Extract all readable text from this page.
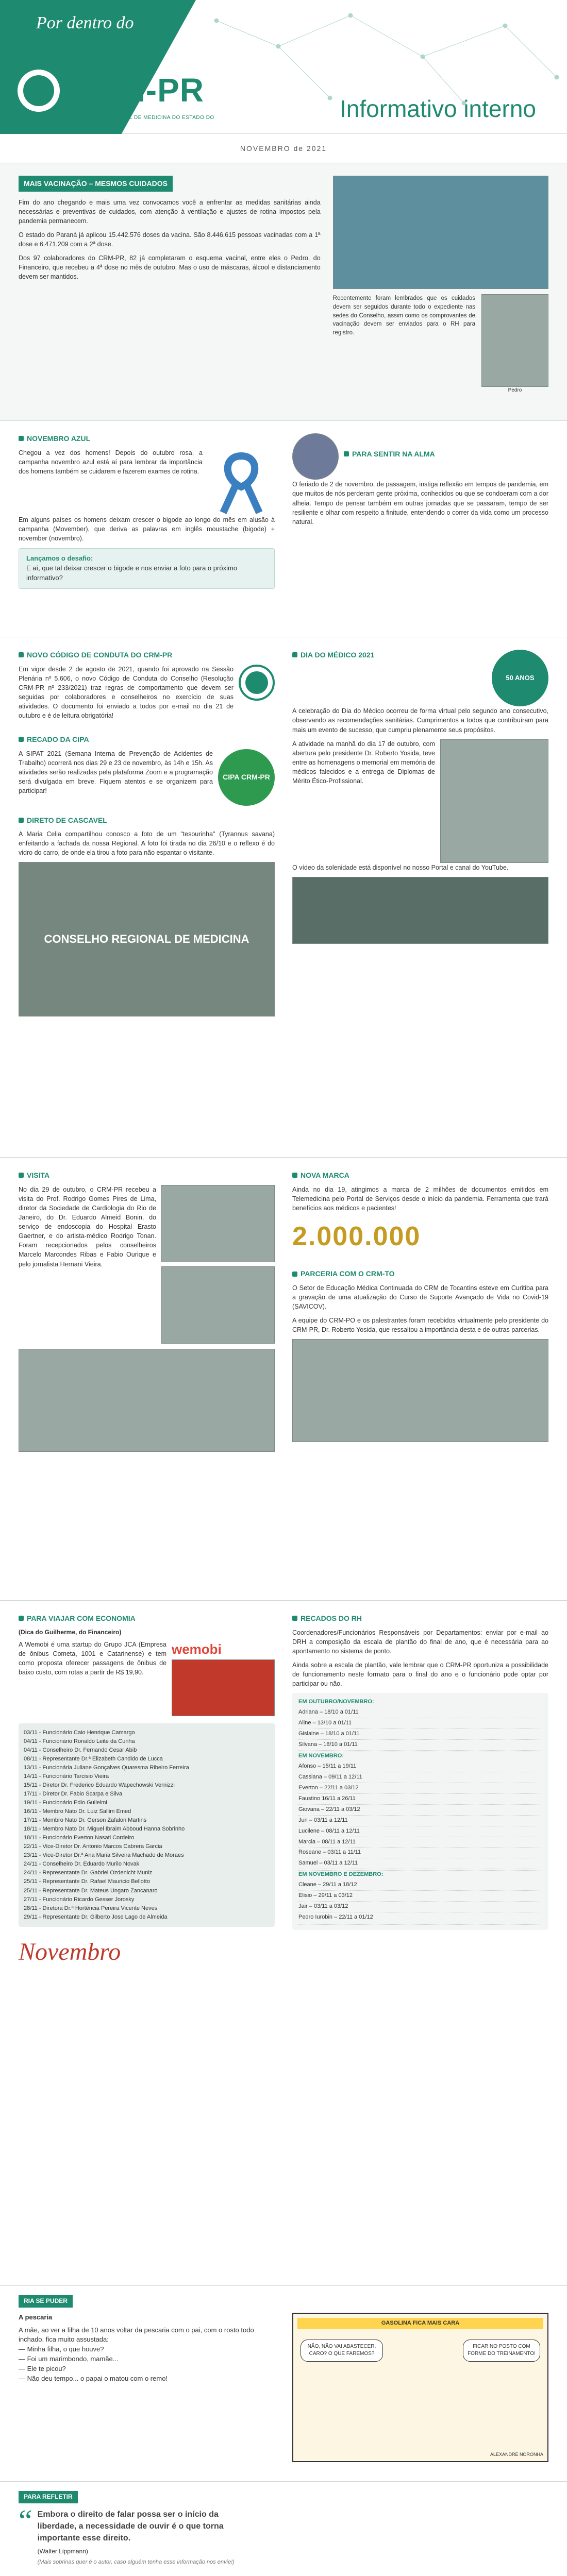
Por dentro do
CRM-PR
CONSELHO REGIONAL DE MEDICINA DO ESTADO DO PARANÁ
Informativo interno
NOVEMBRO de 2021
MAIS VACINAÇÃO – MESMOS CUIDADOS

Fim do ano chegando e mais uma vez convocamos você a enfrentar as medidas sanitárias ainda necessárias e preventivas de cuidados, com atenção à ventilação e ajustes de rotina impostos pela pandemia permanecem.

O estado do Paraná já aplicou 15.442.576 doses da vacina. São 8.446.615 pessoas vacinadas com a 1ª dose e 6.471.209 com a 2ª dose.

Dos 97 colaboradores do CRM-PR, 82 já completaram o esquema vacinal, entre eles o Pedro, do Financeiro, que recebeu a 4ª dose no mês de outubro. Mas o uso de máscaras, álcool e distanciamento devem ser mantidos.

Recentemente foram lembrados que os cuidados devem ser seguidos durante todo o expediente nas sedes do Conselho, assim como os comprovantes de vacinação devem ser enviados para o RH para registro.

Pedro
NOVEMBRO AZUL

Chegou a vez dos homens! Depois do outubro rosa, a campanha novembro azul está aí para lembrar da importância dos homens também se cuidarem e fazerem exames de rotina.

Em alguns países os homens deixam crescer o bigode ao longo do mês em alusão à campanha (Movember), que deriva as palavras em inglês moustache (bigode) + november (novembro).

Lançamos o desafio:
E aí, que tal deixar crescer o bigode e nos enviar a foto para o próximo informativo?
PARA SENTIR NA ALMA

O feriado de 2 de novembro, de passagem, instiga reflexão em tempos de pandemia, em que muitos de nós perderam gente próxima, conhecidos ou que se condoeram com a dor alheia. Tempo de pensar também em outras jornadas que se passaram, tempo de ser resiliente e olhar com respeito a finitude, entendendo o correr da vida como um processo natural.

NOVO CÓDIGO DE CONDUTA DO CRM-PR

Em vigor desde 2 de agosto de 2021, quando foi aprovado na Sessão Plenária nº 5.606, o novo Código de Conduta do Conselho (Resolução CRM-PR nº 233/2021) traz regras de comportamento que devem ser seguidas por colaboradores e conselheiros no exercício de suas atividades. O documento foi enviado a todos por e-mail no dia 21 de outubro e é de leitura obrigatória!

RECADO DA CIPA

A SIPAT 2021 (Semana Interna de Prevenção de Acidentes de Trabalho) ocorrerá nos dias 29 e 23 de novembro, às 14h e 15h. As atividades serão realizadas pela plataforma Zoom e a programação será divulgada em breve. Fiquem atentos e se organizem para participar!

CIPA CRM-PR
DIRETO DE CASCAVEL

A Maria Celia compartilhou conosco a foto de um "tesourinha" (Tyrannus savana) enfeitando a fachada da nossa Regional. A foto foi tirada no dia 26/10 e o reflexo é do vidro do carro, de onde ela tirou a foto para não espantar o visitante.

CONSELHO REGIONAL DE MEDICINA
DIA DO MÉDICO 2021
50 ANOS

A celebração do Dia do Médico ocorreu de forma virtual pelo segundo ano consecutivo, observando as recomendações sanitárias. Cumprimentos a todos que contribuíram para mais um evento de sucesso, que cumpriu plenamente seus propósitos.

A atividade na manhã do dia 17 de outubro, com abertura pelo presidente Dr. Roberto Yosida, teve entre as homenagens o memorial em memória de médicos falecidos e a entrega de Diplomas de Mérito Ético-Profissional.

O vídeo da solenidade está disponível no nosso Portal e canal do YouTube.

VISITA

No dia 29 de outubro, o CRM-PR recebeu a visita do Prof. Rodrigo Gomes Pires de Lima, diretor da Sociedade de Cardiologia do Rio de Janeiro, do Dr. Eduardo Almeid Bonin, do serviço de endoscopia do Hospital Erasto Gaertner, e do artista-médico Rodrigo Tonan. Foram recepcionados pelos conselheiros Marcelo Marcondes Ribas e Fabio Ourique e pelo jornalista Hernani Vieira.

NOVA MARCA

Ainda no dia 19, atingimos a marca de 2 milhões de documentos emitidos em Telemedicina pelo Portal de Serviços desde o início da pandemia. Ferramenta que trará benefícios aos médicos e pacientes!

2.000.000
PARCERIA COM O CRM-TO

O Setor de Educação Médica Continuada do CRM de Tocantins esteve em Curitiba para a gravação de uma atualização do Curso de Suporte Avançado de Vida no Covid-19 (SAVICOV).

A equipe do CRM-PO e os palestrantes foram recebidos virtualmente pelo presidente do CRM-PR, Dr. Roberto Yosida, que ressaltou a importância desta e de outras parcerias.

PARA VIAJAR COM ECONOMIA
(Dica do Guilherme, do Financeiro)

A Wemobi é uma startup do Grupo JCA (Empresa de ônibus Cometa, 1001 e Catarinense) e tem como proposta oferecer passagens de ônibus de baixo custo, com rotas a partir de R$ 19,90.

wemobi
03/11 - Funcionário Caio Henrique Camargo
04/11 - Funcionário Ronaldo Leite da Cunha
04/11 - Conselheiro Dr. Fernando Cesar Abib
08/11 - Representante Dr.ª Elizabeth Candido de Lucca
13/11 - Funcionária Juliane Gonçalves Quaresma Ribeiro Ferreira
14/11 - Funcionário Tarcisio Vieira
15/11 - Diretor Dr. Frederico Eduardo Wapechowski Vernizzi
17/11 - Diretor Dr. Fabio Scarpa e Silva
19/11 - Funcionário Edio Guilelmi
16/11 - Membro Nato Dr. Luiz Sallim Emed
17/11 - Membro Nato Dr. Gerson Zafalon Martins
18/11 - Membro Nato Dr. Miguel Ibraim Abboud Hanna Sobrinho
18/11 - Funcionário Everton Nasati Cordeiro
22/11 - Vice-Diretor Dr. Antonio Marcos Cabrera Garcia
23/11 - Vice-Diretor Dr.ª Ana Maria Silveira Machado de Moraes
24/11 - Conselheiro Dr. Eduardo Murilo Novak
24/11 - Representante Dr. Gabriel Ozdenicht Muniz
25/11 - Representante Dr. Rafael Mauricio Bellotto
25/11 - Representante Dr. Mateus Ungaro Zancanaro
27/11 - Funcionário Ricardo Gesser Jorosky
28/11 - Diretora Dr.ª Hortência Pereira Vicente Neves
29/11 - Representante Dr. Gilberto Jose Lago de Almeida
Novembro
RECADOS DO RH

Coordenadores/Funcionários Responsáveis por Departamentos: enviar por e-mail ao DRH a composição da escala de plantão do final de ano, que é necessária para ao apontamento no sistema de ponto.

Ainda sobre a escala de plantão, vale lembrar que o CRM-PR oportuniza a possibilidade de funcionamento neste formato para o final do ano e o funcionário pode optar por participar ou não.

EM OUTUBRO/NOVEMBRO:
Adriana – 18/10 a 01/11
Aline – 13/10 a 01/11
Gislaine – 18/10 a 01/11
Silvana – 18/10 a 01/11
EM NOVEMBRO:
Afonso – 15/11 a 19/11
Cassiana – 09/11 a 12/11
Everton – 22/11 a 03/12
Faustino 16/11 a 26/11
Giovana – 22/11 a 03/12
Jun – 03/11 a 12/11
Lucilene – 08/11 a 12/11
Marcia – 08/11 a 12/11
Roseane – 03/11 a 11/11
Samuel – 03/11 a 12/11
EM NOVEMBRO E DEZEMBRO:
Cleane – 29/11 a 18/12
Elisio – 29/11 a 03/12
Jair – 03/11 a 03/12
Pedro Iurobin – 22/11 a 01/12
RIA SE PUDER
A pescaria
A mãe, ao ver a filha de 10 anos voltar da pescaria com o pai, com o rosto todo inchado, fica muito assustada:
— Minha filha, o que houve?
— Foi um marimbondo, mamãe...
— Ele te picou?
— Não deu tempo... o papai o matou com o remo!
GASOLINA FICA MAIS CARA
NÃO, NÃO VAI ABASTECER, CARO? O QUE FAREMOS?
FICAR NO POSTO COM FORME DO TREINAMENTO!
ALEXANDRE NORONHA
PARA REFLETIR
“ Embora o direito de falar possa ser o início da liberdade, a necessidade de ouvir é o que torna importante esse direito.
(Walter Lippmann)
(Mais sobrinas quer é o autor, caso alguém tenha esse informação nos envie!)
